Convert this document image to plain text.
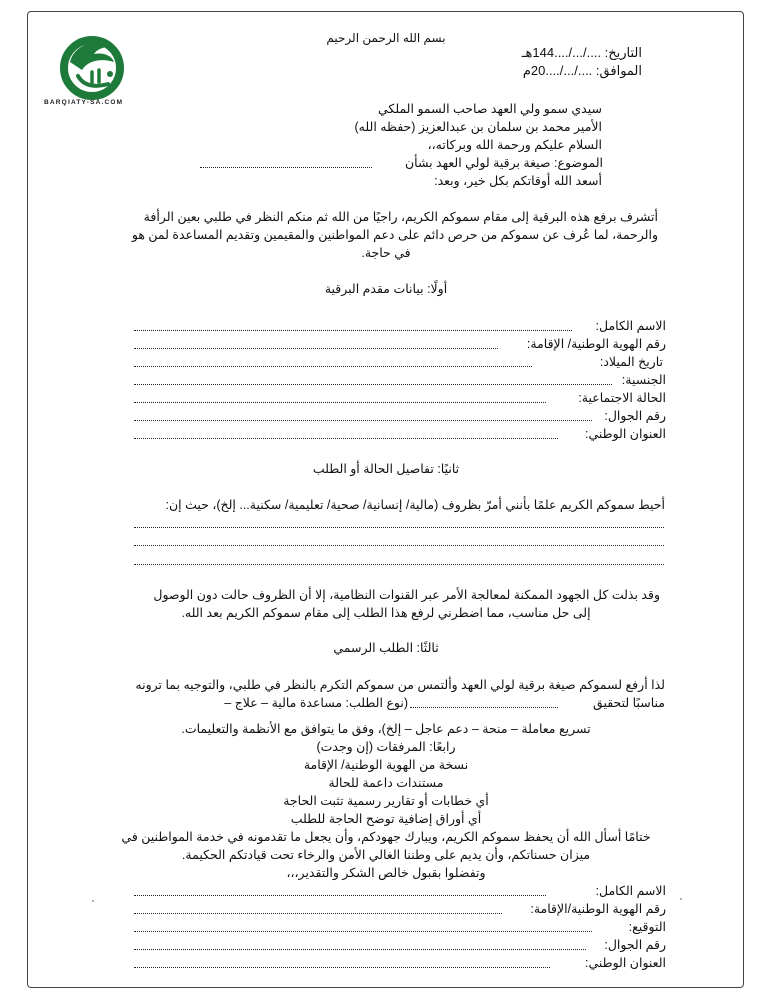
BARQIATY-SA.COM
بسم الله الرحمن الرحيم
التاريخ: ..../.../....144هـ
الموافق: ..../.../....20م
سيدي سمو ولي العهد صاحب السمو الملكي
الأمير محمد بن سلمان بن عبدالعزيز (حفظه الله)
السلام عليكم ورحمة الله وبركاته،،
الموضوع: صيغة برقية لولي العهد بشأن
أسعد الله أوقاتكم بكل خير، وبعد:
أتشرف برفع هذه البرقية إلى مقام سموكم الكريم، راجيًا من الله ثم منكم النظر في طلبي بعين الرأفة
والرحمة، لما عُرف عن سموكم من حرص دائم على دعم المواطنين والمقيمين وتقديم المساعدة لمن هو
في حاجة.
أولًا: بيانات مقدم البرقية
الاسم الكامل:
رقم الهوية الوطنية/ الإقامة:
تاريخ الميلاد:
الجنسية:
الحالة الاجتماعية:
رقم الجوال:
العنوان الوطني:
ثانيًا: تفاصيل الحالة أو الطلب
أحيط سموكم الكريم علمًا بأنني أمرّ بظروف (مالية/ إنسانية/ صحية/ تعليمية/ سكنية... إلخ)، حيث إن:
وقد بذلت كل الجهود الممكنة لمعالجة الأمر عبر القنوات النظامية، إلا أن الظروف حالت دون الوصول
إلى حل مناسب، مما اضطرني لرفع هذا الطلب إلى مقام سموكم الكريم بعد الله.
ثالثًا: الطلب الرسمي
لذا أرفع لسموكم صيغة برقية لولي العهد وألتمس من سموكم التكرم بالنظر في طلبي، والتوجيه بما ترونه
مناسبًا لتحقيق
(نوع الطلب: مساعدة مالية – علاج –
تسريع معاملة – منحة – دعم عاجل – إلخ)، وفق ما يتوافق مع الأنظمة والتعليمات.
رابعًا: المرفقات (إن وجدت)
نسخة من الهوية الوطنية/ الإقامة
مستندات داعمة للحالة
أي خطابات أو تقارير رسمية تثبت الحاجة
أي أوراق إضافية توضح الحاجة للطلب
ختامًا أسأل الله أن يحفظ سموكم الكريم، ويبارك جهودكم، وأن يجعل ما تقدمونه في خدمة المواطنين في
ميزان حسناتكم، وأن يديم على وطننا الغالي الأمن والرخاء تحت قيادتكم الحكيمة.
وتفضلوا بقبول خالص الشكر والتقدير،،،
الاسم الكامل:
رقم الهوية الوطنية/الإقامة:
التوقيع:
رقم الجوال:
العنوان الوطني:
